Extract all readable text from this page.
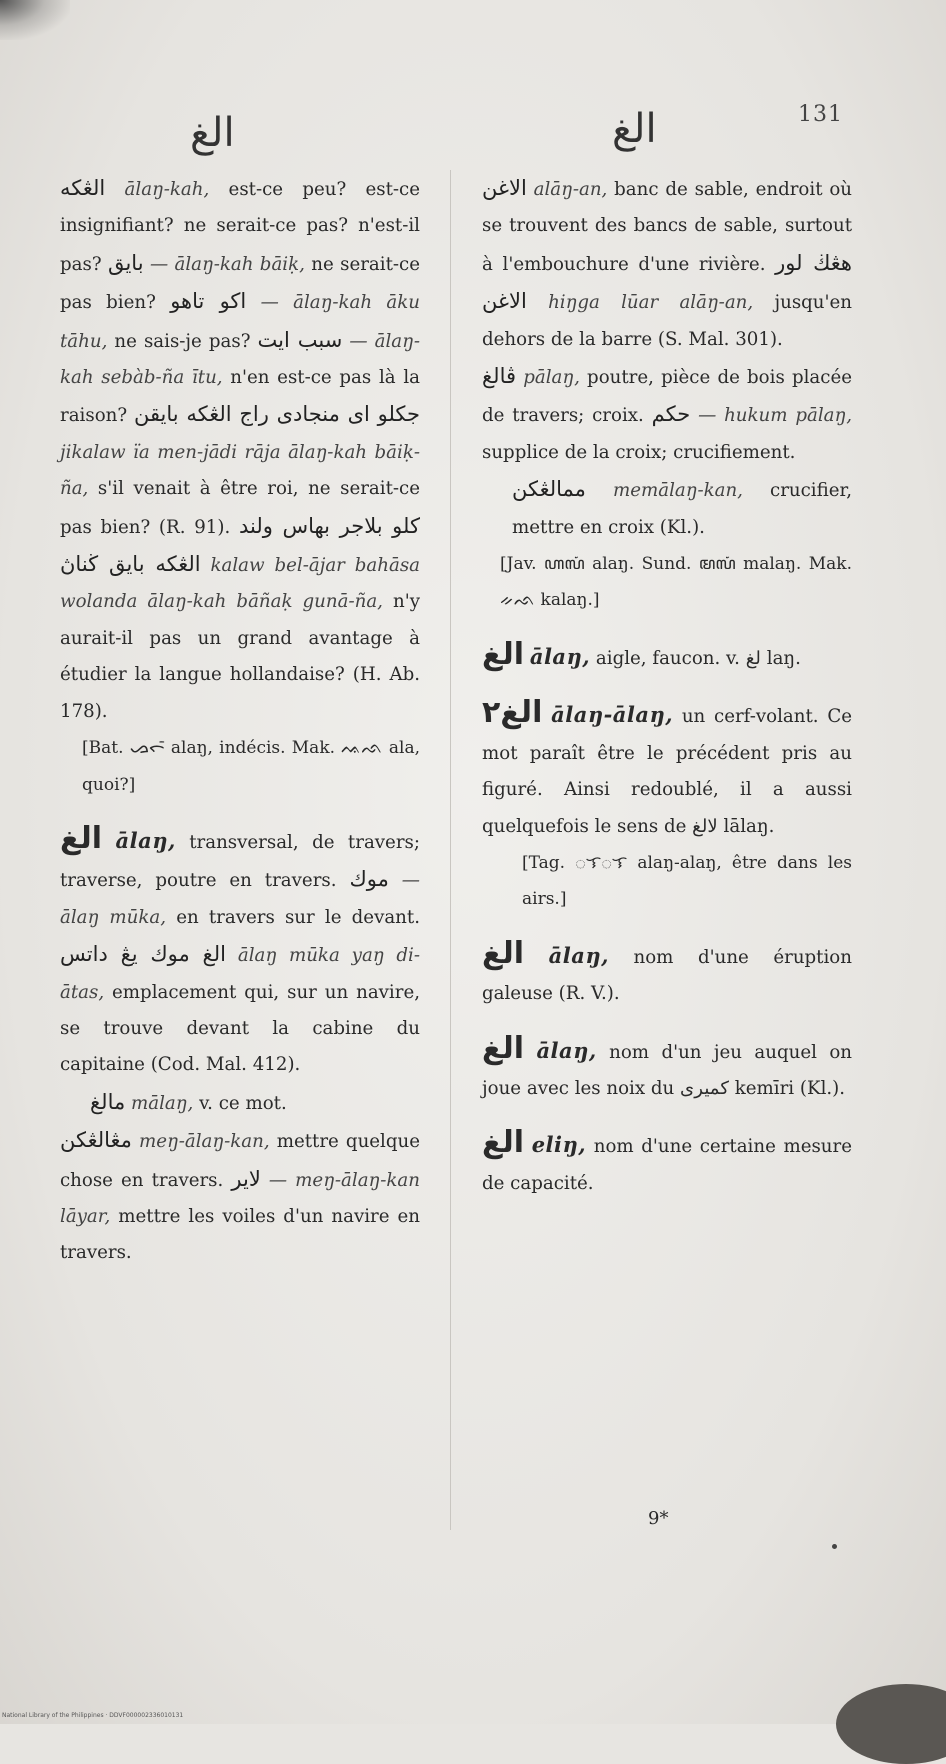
الغ	الغ	131

الڠكه ālaŋ-kah, est-ce peu? est-ce insignifiant? ne serait-ce pas? n'est-il pas? بايق — ālaŋ-kah bāiḳ, ne serait-ce pas bien? اكو تاهو — ālaŋ-kah āku tāhu, ne sais-je pas? سبب ايت — ālaŋ-kah sebàb-ña ītu, n'en est-ce pas là la raison? جكلو اى منجادى راج الڠكه بايقن jikalaw ïa men-jādi rāja ālaŋ-kah bāiḳ-ña, s'il venait à être roi, ne serait-ce pas bien? (R. 91). كلو بلاجر بهاس ولند الڠكه بايق ڬناڽ kalaw bel-ājar bahāsa wolanda ālaŋ-kah bāñaḳ gunā-ña, n'y aurait-il pas un grand avantage à étudier la langue hollandaise? (H. Ab. 178).

[Bat. ᯀᯞᯰ alaŋ, indécis. Mak. ᨕᨒ ala, quoi?]

الغ ālaŋ, transversal, de travers; traverse, poutre en travers. موك — ālaŋ mūka, en travers sur le devant. الغ موك يڠ داتس ālaŋ mūka yaŋ di-ātas, emplacement qui, sur un navire, se trouve devant la cabine du capitaine (Cod. Mal. 412).

مالغ mālaŋ, v. ce mot.

مڠالڠكن meŋ-ālaŋ-kan, mettre quelque chose en travers. لاير — meŋ-ālaŋ-kan lāyar, mettre les voiles d'un navire en travers.

الاغن alāŋ-an, banc de sable, endroit où se trouvent des bancs de sable, surtout à l'embouchure d'une rivière. هڠڬ لور الاغن hiŋga lūar alāŋ-an, jusqu'en dehors de la barre (S. Mal. 301).

ڤالغ pālaŋ, poutre, pièce de bois placée de travers; croix. حكم — hukum pālaŋ, supplice de la croix; crucifiement.

ممالڠكن memālaŋ-kan, crucifier, mettre en croix (Kl.).

[Jav. ꦲꦭꦁ alaŋ. Sund. ꦩꦭꦁ malaŋ. Mak. ᨀᨒ kalaŋ.]

الغ ālaŋ, aigle, faucon. v. لغ laŋ.

الغ٢ ālaŋ-ālaŋ, un cerf-volant. Ce mot paraît être le précédent pris au figuré. Ainsi redoublé, il a aussi quelquefois le sens de لالغ lālaŋ.

[Tag. ᜀᜎᜀᜎ alaŋ-alaŋ, être dans les airs.]

الغ ālaŋ, nom d'une éruption galeuse (R. V.).

الغ ālaŋ, nom d'un jeu auquel on joue avec les noix du كميرى kemīri (Kl.).

الغ eliŋ, nom d'une certaine mesure de capacité.

9*
National Library of the Philippines · DDVF000002336010131
